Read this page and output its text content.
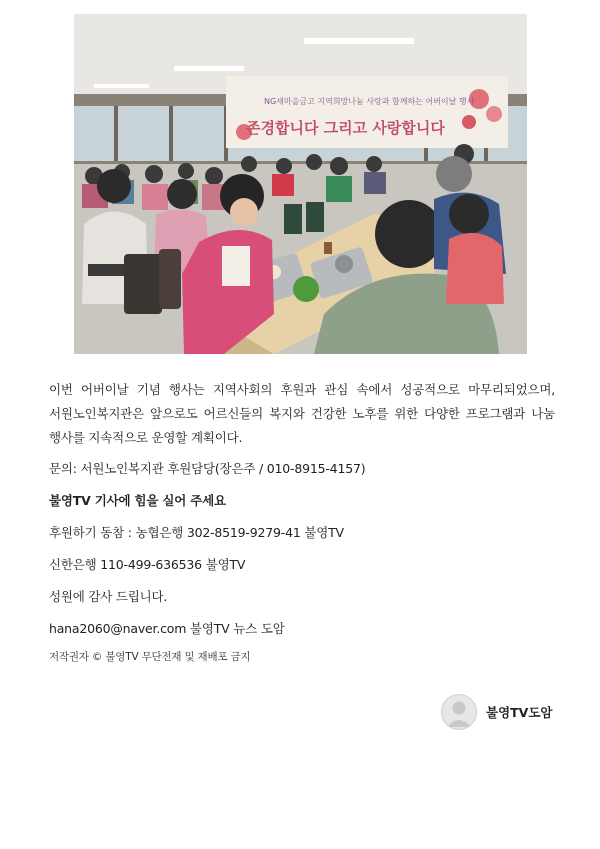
NG새마을금고 지역희망나눔 사랑과 함께하는 어버이날 행사
존경합니다 그리고 사랑합니다

이번 어버이날 기념 행사는 지역사회의 후원과 관심 속에서 성공적으로 마무리되었으며, 서원노인복지관은 앞으로도 어르신들의 복지와 건강한 노후를 위한 다양한 프로그램과 나눔 행사를 지속적으로 운영할 계획이다.

문의: 서원노인복지관 후원담당(장은주 / 010-8915-4157)

불영TV 기사에 힘을 실어 주세요

후원하기 동참 : 농협은행 302-8519-9279-41 불영TV

신한은행 110-499-636536 불영TV

성원에 감사 드립니다.

hana2060@naver.com 불영TV 뉴스 도암

저작권자 © 불영TV 무단전재 및 재배포 금지

불영TV도암
